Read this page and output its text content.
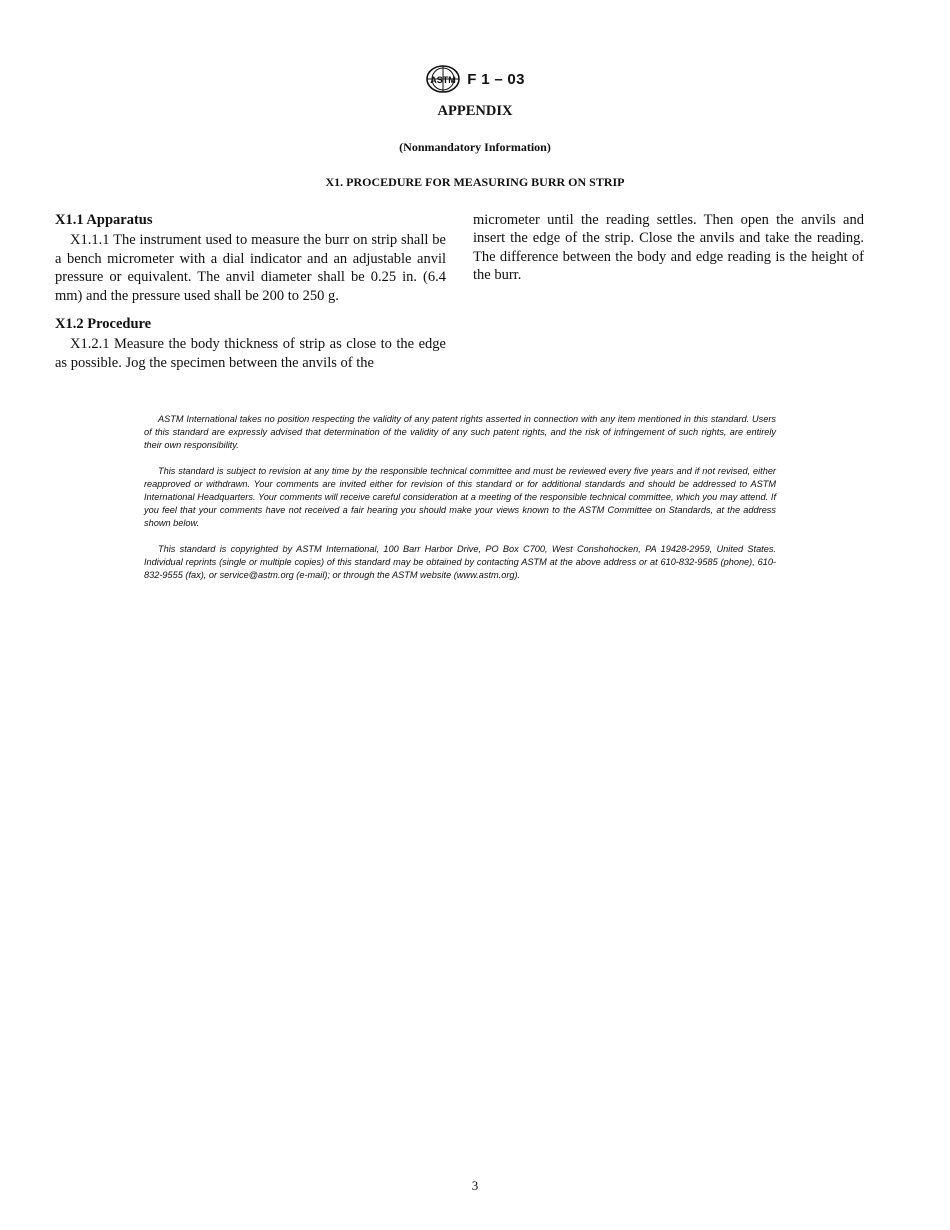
ASTM F 1 – 03
APPENDIX
(Nonmandatory Information)
X1. PROCEDURE FOR MEASURING BURR ON STRIP
X1.1 Apparatus

X1.1.1 The instrument used to measure the burr on strip shall be a bench micrometer with a dial indicator and an adjustable anvil pressure or equivalent. The anvil diameter shall be 0.25 in. (6.4 mm) and the pressure used shall be 200 to 250 g.

X1.2 Procedure

X1.2.1 Measure the body thickness of strip as close to the edge as possible. Jog the specimen between the anvils of the

micrometer until the reading settles. Then open the anvils and insert the edge of the strip. Close the anvils and take the reading. The difference between the body and edge reading is the height of the burr.

ASTM International takes no position respecting the validity of any patent rights asserted in connection with any item mentioned in this standard. Users of this standard are expressly advised that determination of the validity of any such patent rights, and the risk of infringement of such rights, are entirely their own responsibility.

This standard is subject to revision at any time by the responsible technical committee and must be reviewed every five years and if not revised, either reapproved or withdrawn. Your comments are invited either for revision of this standard or for additional standards and should be addressed to ASTM International Headquarters. Your comments will receive careful consideration at a meeting of the responsible technical committee, which you may attend. If you feel that your comments have not received a fair hearing you should make your views known to the ASTM Committee on Standards, at the address shown below.

This standard is copyrighted by ASTM International, 100 Barr Harbor Drive, PO Box C700, West Conshohocken, PA 19428-2959, United States. Individual reprints (single or multiple copies) of this standard may be obtained by contacting ASTM at the above address or at 610-832-9585 (phone), 610-832-9555 (fax), or service@astm.org (e-mail); or through the ASTM website (www.astm.org).

3
